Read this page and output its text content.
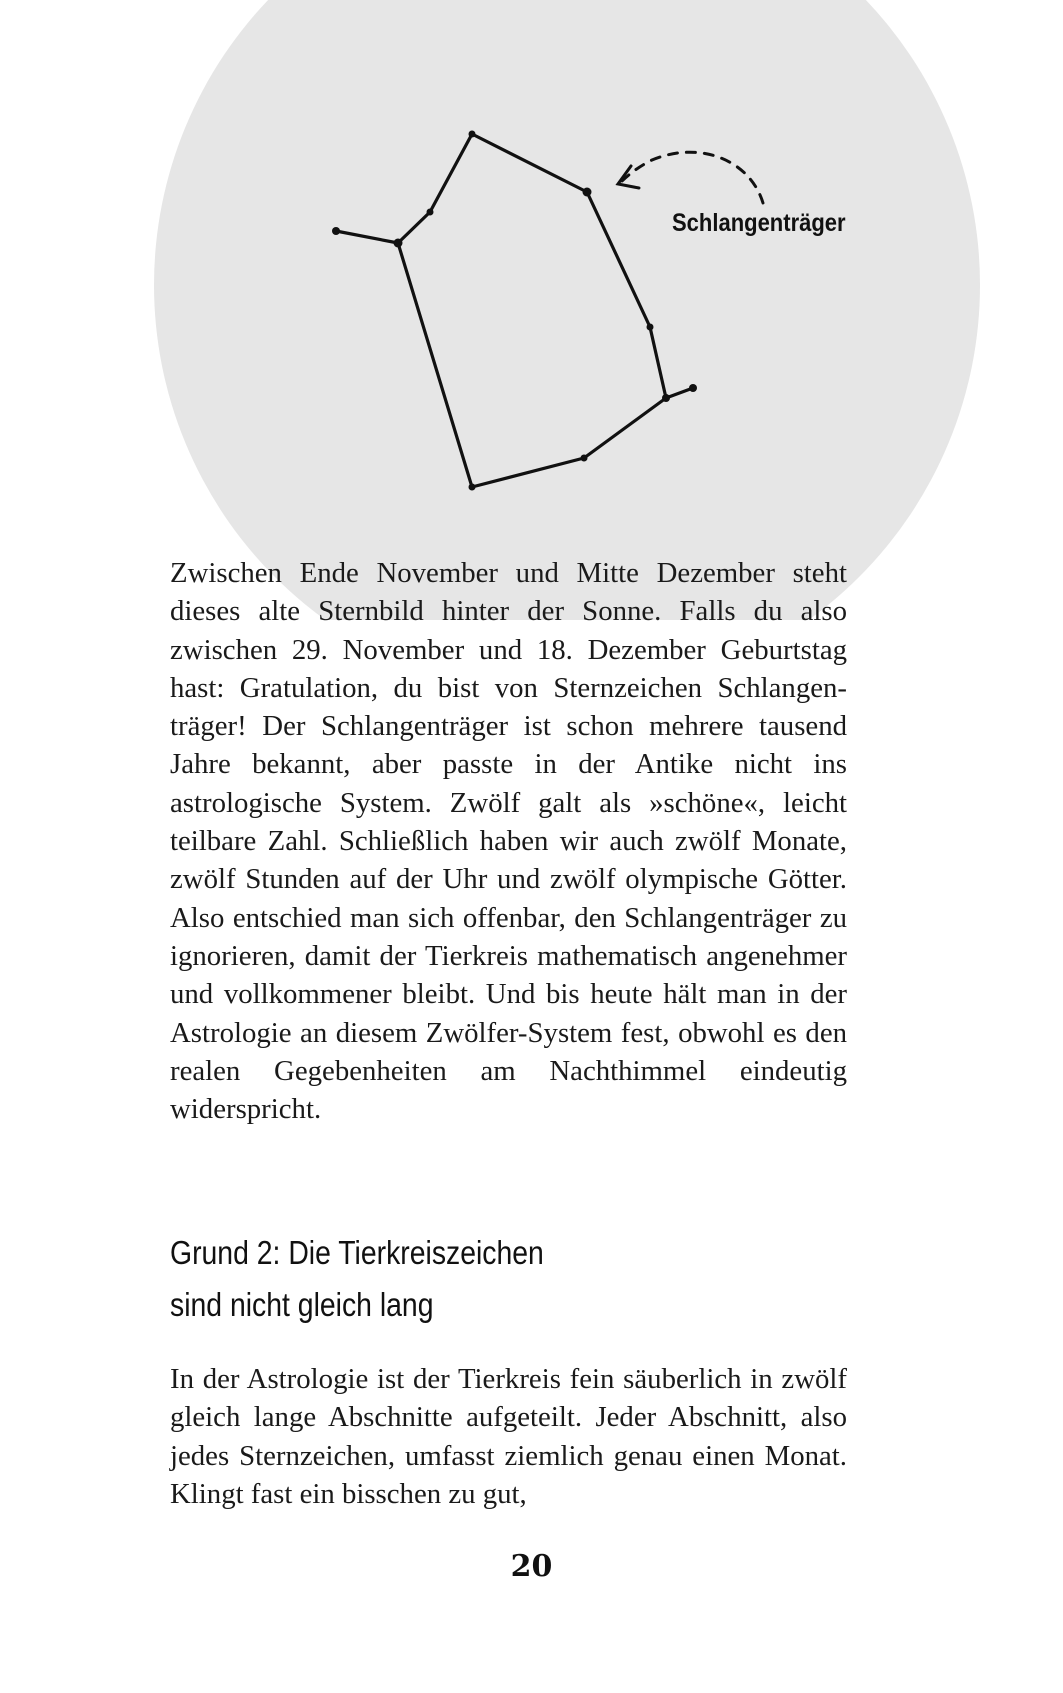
Schlangenträger

Zwischen Ende November und Mitte Dezember steht dieses alte Sternbild hinter der Sonne. Falls du also zwischen 29. November und 18. Dezember Geburtstag hast: Gratulation, du bist von Sternzeichen Schlangenträger! Der Schlangenträger ist schon mehrere tausend Jahre bekannt, aber passte in der Antike nicht ins astrologische System. Zwölf galt als »schöne«, leicht teilbare Zahl. Schließlich haben wir auch zwölf Monate, zwölf Stunden auf der Uhr und zwölf olympische Götter. Also entschied man sich offenbar, den Schlangenträger zu ignorieren, damit der Tierkreis mathematisch angenehmer und vollkommener bleibt. Und bis heute hält man in der Astrologie an diesem Zwölfer-System fest, obwohl es den realen Gegebenheiten am Nachthimmel eindeutig widerspricht.

Grund 2: Die Tierkreiszeichen
sind nicht gleich lang

In der Astrologie ist der Tierkreis fein säuberlich in zwölf gleich lange Abschnitte aufgeteilt. Jeder Abschnitt, also jedes Sternzeichen, umfasst ziemlich genau einen Monat. Klingt fast ein bisschen zu gut,

20
